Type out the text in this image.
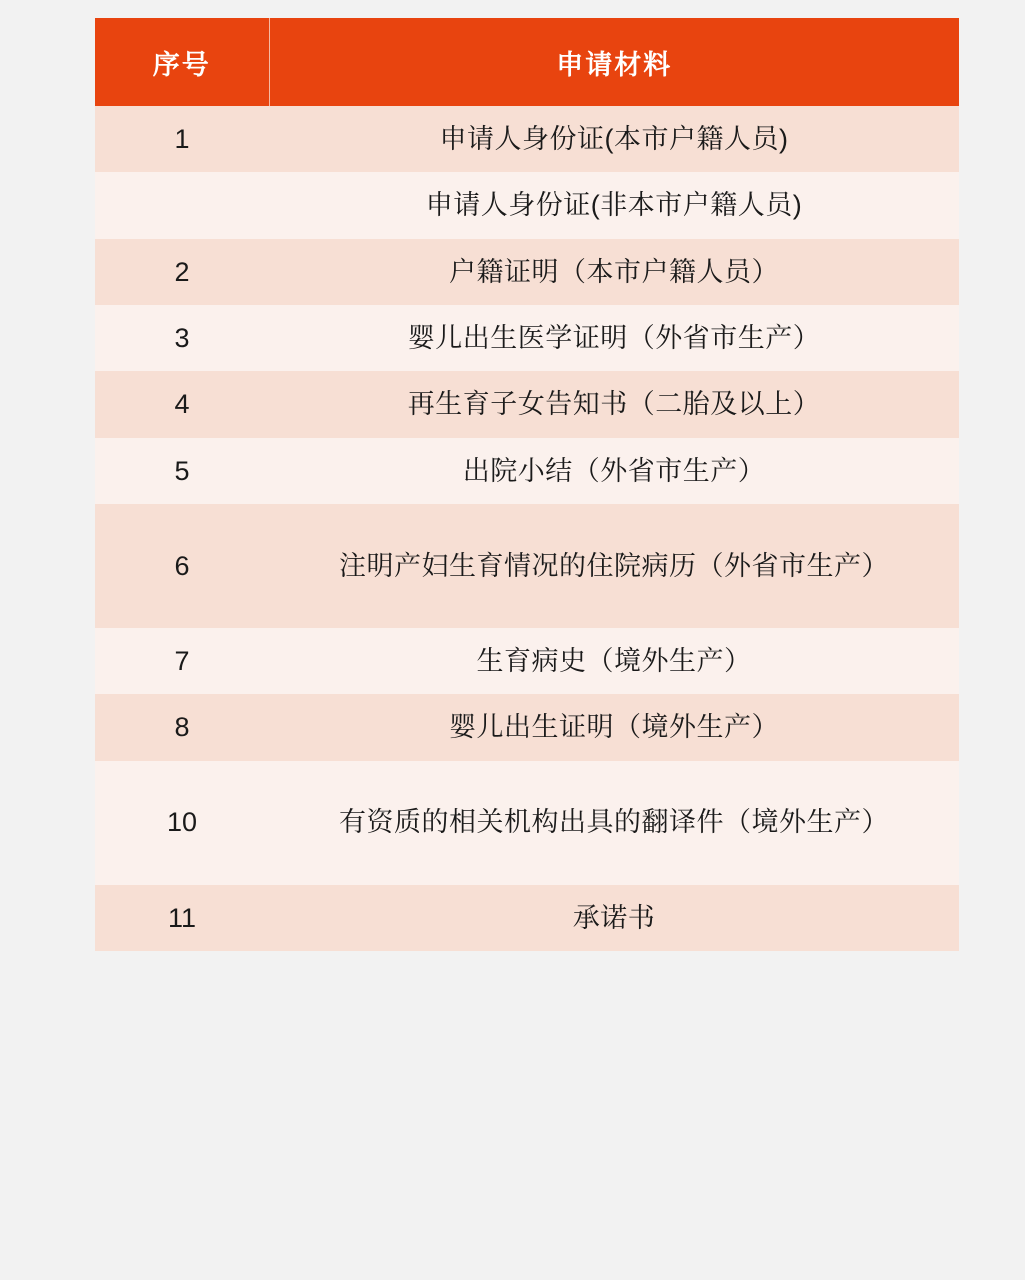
序号	申请材料
1	申请人身份证(本市户籍人员)
	申请人身份证(非本市户籍人员)
2	户籍证明（本市户籍人员）
3	婴儿出生医学证明（外省市生产）
4	再生育子女告知书（二胎及以上）
5	出院小结（外省市生产）
6	注明产妇生育情况的住院病历（外省市生产）
7	生育病史（境外生产）
8	婴儿出生证明（境外生产）
10	有资质的相关机构出具的翻译件（境外生产）
11	承诺书
